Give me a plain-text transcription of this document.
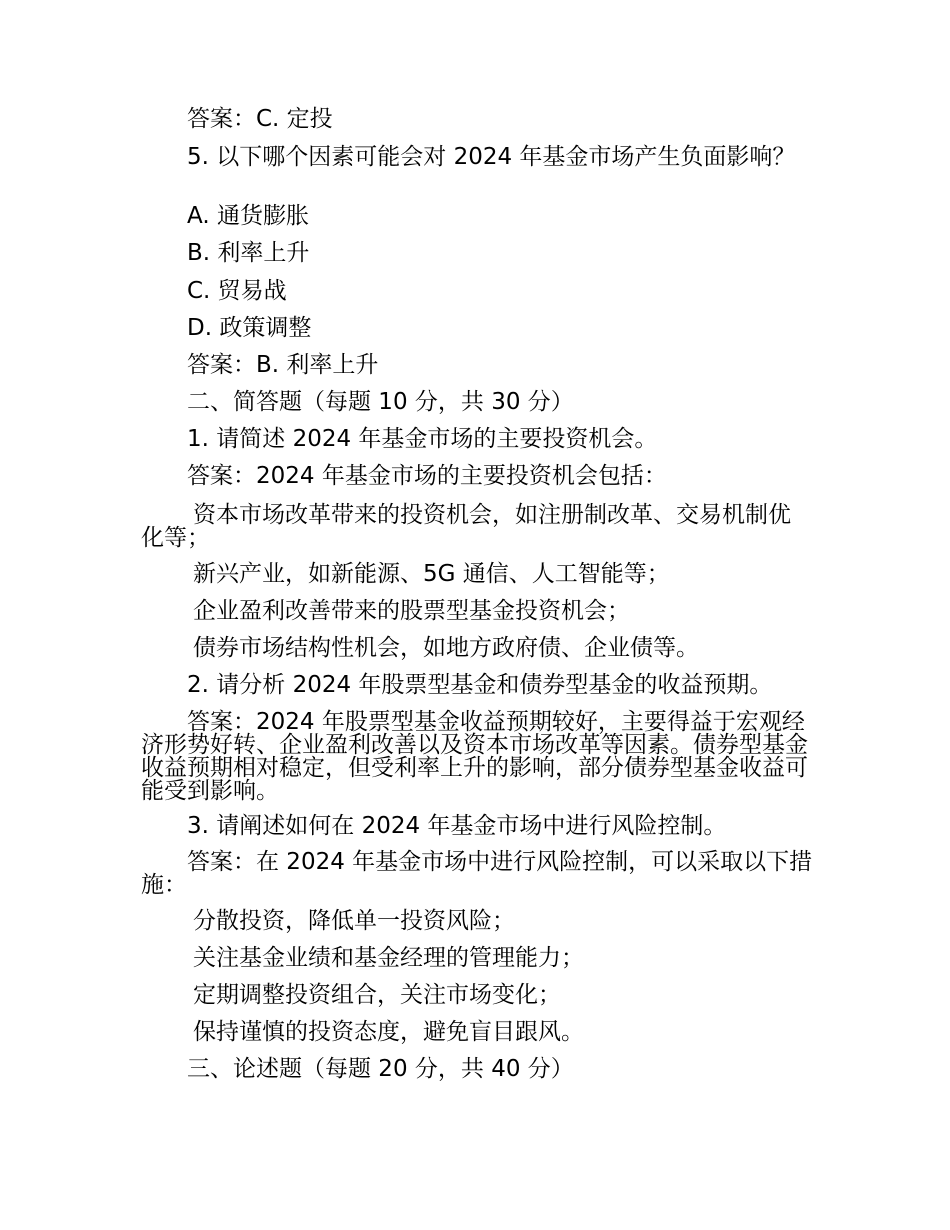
答案：C. 定投
5. 以下哪个因素可能会对 2024 年基金市场产生负面影响？
A. 通货膨胀
B. 利率上升
C. 贸易战
D. 政策调整
答案：B. 利率上升
二、简答题（每题 10 分，共 30 分）
1. 请简述 2024 年基金市场的主要投资机会。
答案：2024 年基金市场的主要投资机会包括：
资本市场改革带来的投资机会，如注册制改革、交易机制优化等；
新兴产业，如新能源、5G 通信、人工智能等；
企业盈利改善带来的股票型基金投资机会；
债券市场结构性机会，如地方政府债、企业债等。
2. 请分析 2024 年股票型基金和债券型基金的收益预期。
答案：2024 年股票型基金收益预期较好，主要得益于宏观经济形势好转、企业盈利改善以及资本市场改革等因素。债券型基金收益预期相对稳定，但受利率上升的影响，部分债券型基金收益可能受到影响。
3. 请阐述如何在 2024 年基金市场中进行风险控制。
答案：在 2024 年基金市场中进行风险控制，可以采取以下措施：
分散投资，降低单一投资风险；
关注基金业绩和基金经理的管理能力；
定期调整投资组合，关注市场变化；
保持谨慎的投资态度，避免盲目跟风。
三、论述题（每题 20 分，共 40 分）
